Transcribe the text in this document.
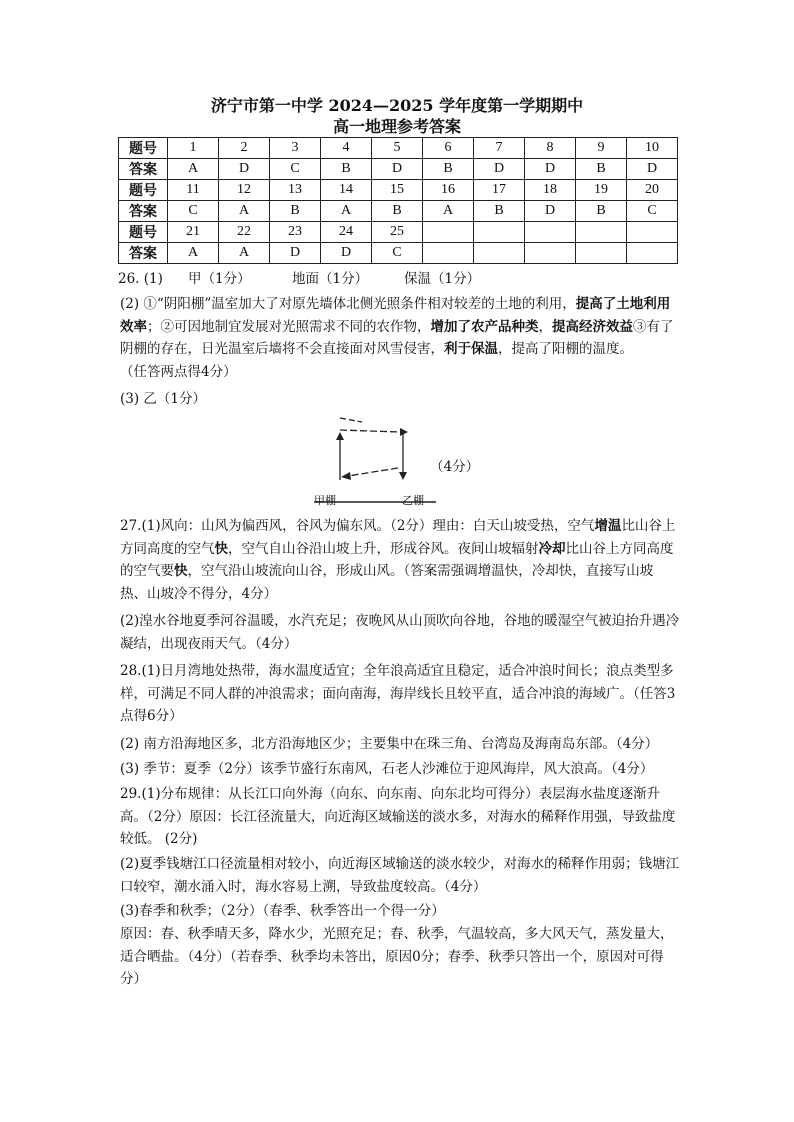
济宁市第一中学 2024—2025 学年度第一学期期中
高一地理参考答案
题号	1	2	3	4	5	6	7	8	9	10
答案	A	D	C	B	D	B	D	D	B	D
题号	11	12	13	14	15	16	17	18	19	20
答案	C	A	B	A	B	A	B	D	B	C
题号	21	22	23	24	25					
答案	A	A	D	D	C					
26. (1) 甲（1分）	地面（1分）	保温（1分）

(2) ①“阴阳棚”温室加大了对原先墙体北侧光照条件相对较差的土地的利用，提高了土地利用效率；②可因地制宜发展对光照需求不同的农作物，增加了农产品种类，提高经济效益③有了阴棚的存在，日光温室后墙将不会直接面对风雪侵害，利于保温，提高了阳棚的温度。
（任答两点得4分）

(3) 乙（1分）

甲棚	乙棚
（4分）

27.(1)风向：山风为偏西风，谷风为偏东风。（2分）理由：白天山坡受热，空气增温比山谷上方同高度的空气快，空气自山谷沿山坡上升，形成谷风。夜间山坡辐射冷却比山谷上方同高度的空气要快，空气沿山坡流向山谷，形成山风。（答案需强调增温快，冷却快，直接写山坡热、山坡冷不得分，4分）

(2)湟水谷地夏季河谷温暖，水汽充足；夜晚风从山顶吹向谷地，谷地的暖湿空气被迫抬升遇冷凝结，出现夜雨天气。（4分）

28.(1)日月湾地处热带，海水温度适宜；全年浪高适宜且稳定，适合冲浪时间长；浪点类型多样，可满足不同人群的冲浪需求；面向南海，海岸线长且较平直，适合冲浪的海域广。（任答3点得6分）

(2) 南方沿海地区多，北方沿海地区少；主要集中在珠三角、台湾岛及海南岛东部。（4分）

(3) 季节：夏季（2分）该季节盛行东南风，石老人沙滩位于迎风海岸，风大浪高。（4分）

29.(1)分布规律：从长江口向外海（向东、向东南、向东北均可得分）表层海水盐度逐渐升高。（2分）原因：长江径流量大，向近海区域输送的淡水多，对海水的稀释作用强，导致盐度较低。 (2分)

(2)夏季钱塘江口径流量相对较小，向近海区域输送的淡水较少，对海水的稀释作用弱；钱塘江口较窄，潮水涌入时，海水容易上溯，导致盐度较高。（4分）

(3)春季和秋季；（2分）（春季、秋季答出一个得一分）

原因：春、秋季晴天多，降水少，光照充足；春、秋季，气温较高，多大风天气，蒸发量大，适合晒盐。（4分）（若春季、秋季均未答出，原因0分；春季、秋季只答出一个，原因对可得分）
